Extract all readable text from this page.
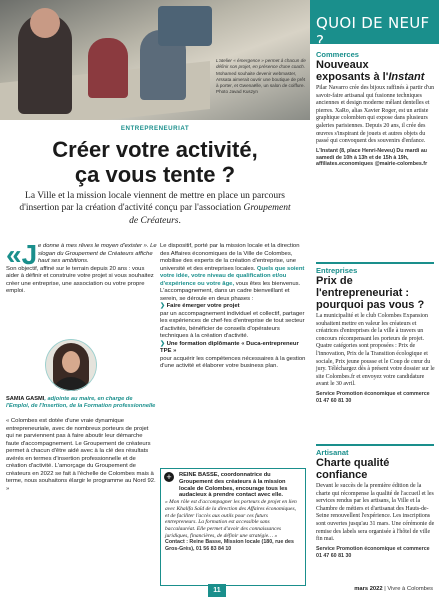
L'atelier « émergence » permet à chacun de définir son projet, en présence d'une coach. Mohamed souhaite devenir webmaster, Aïssata aimerait ouvrir une boutique de prêt à porter, et Gwenaëlle, un salon de coiffure. Photo Javad Kuszyn
ENTREPRENEURIAT
Créer votre activité,
ça vous tente ?
La Ville et la mission locale viennent de mettre en place un parcours d'insertion par la création d'activité conçu par l'association Groupement de Créateurs.
«J e donne à mes rêves le moyen d'exister ». Le slogan du Groupement de Créateurs affiche haut ses ambitions.
Son objectif, affiné sur le terrain depuis 20 ans : vous aider à définir et construire votre projet si vous souhaitez créer une entreprise, une association ou votre propre emploi.
SAMIA GASMI, adjointe au maire, en charge de l'Emploi, de l'Insertion, de la Formation professionnelle
« Colombes est dotée d'une vraie dynamique entrepreneuriale, avec de nombreux porteurs de projet qui ne parviennent pas à faire aboutir leur démarche faute d'accompagnement. Le Groupement de créateurs permet à chacun d'être aidé avec à la clé des résultats avérés en termes d'insertion professionnelle et de création d'activité. L'amorçage du Groupement de créateurs en 2022 se fait à l'échelle de Colombes mais à terme, nous souhaitons élargir le programme au Nord 92. »
Le dispositif, porté par la mission locale et la direction des Affaires économiques de la Ville de Colombes, mobilise des experts de la création d'entreprise, une université et des entreprises locales. Quels que soient votre idée, votre niveau de qualification et/ou d'expérience ou votre âge, vous êtes les bienvenus. L'accompagnement, dans un cadre bienveillant et serein, se déroule en deux phases :
❯ Faire émerger votre projet
par un accompagnement individuel et collectif, partager les expériences de chef·fes d'entreprise de tout secteur d'activités, bénéficier de conseils d'opérateurs techniques à la création d'activité.
❯ Une formation diplômante « Duca-entrepreneur TPE »
pour acquérir les compétences nécessaires à la gestion d'une activité et élaborer votre business plan.
+	REINE BASSE, coordonnatrice du Groupement des créateurs à la mission locale de Colombes, encourage tous les audacieux à prendre contact avec elle.
« Mon rôle est d'accompagner les porteurs de projet en lien avec Khalifa Saïd de la direction des Affaires économiques, et de faciliter l'accès aux outils pour ces futurs entrepreneurs. La formation est accessible sans baccalauréat. Elle permet d'avoir des connaissances juridiques, financières, de définir une stratégie… »
Contact : Reine Basse, Mission locale (180, rue des Gros-Grès), 01 56 83 84 10
QUOI DE NEUF ?
Commerces
Nouveaux
exposants à l'Instant
Pilar Navarro crée des bijoux raffinés à partir d'un savoir-faire artisanal qui fusionne techniques anciennes et design moderne mêlant dentelles et pierres. XaRo, alias Xavier Roger, est un artiste graphique colombien qui expose dans plusieurs galeries parisiennes. Depuis 20 ans, il crée des œuvres s'inspirant de jouets et autres objets du passé qui convoquent des souvenirs d'enfance.
L'Instant (8, place Henri-Neveu) Du mardi au samedi de 10h à 13h et de 15h à 19h, affiliates.economiques @mairie-colombes.fr
Entreprises
Prix de l'entrepreneuriat : pourquoi pas vous ?
La municipalité et le club Colombes Expansion souhaitent mettre en valeur les créateurs et créatrices d'entreprises de la ville à travers un concours récompensant les porteurs de projet. Quatre catégories sont proposées : Prix de l'innovation, Prix de la Transition écologique et sociale, Prix jeune pousse et le Coup de cœur du jury. Téléchargez dès à présent votre dossier sur le site Colombes.fr et envoyez votre candidature avant le 30 avril.
Service Promotion économique et commerce 01 47 60 81 30
Artisanat
Charte qualité confiance
Devant le succès de la première édition de la charte qui récompense la qualité de l'accueil et les services rendus par les artisans, la Ville et la Chambre de métiers et d'artisanat des Hauts-de-Seine renouvellent l'expérience. Les inscriptions sont ouvertes jusqu'au 31 mars. Une cérémonie de remise des labels sera organisée à l'hôtel de ville fin mai.
Service Promotion économique et commerce 01 47 60 81 30
11	mars 2022 | Vivre à Colombes
